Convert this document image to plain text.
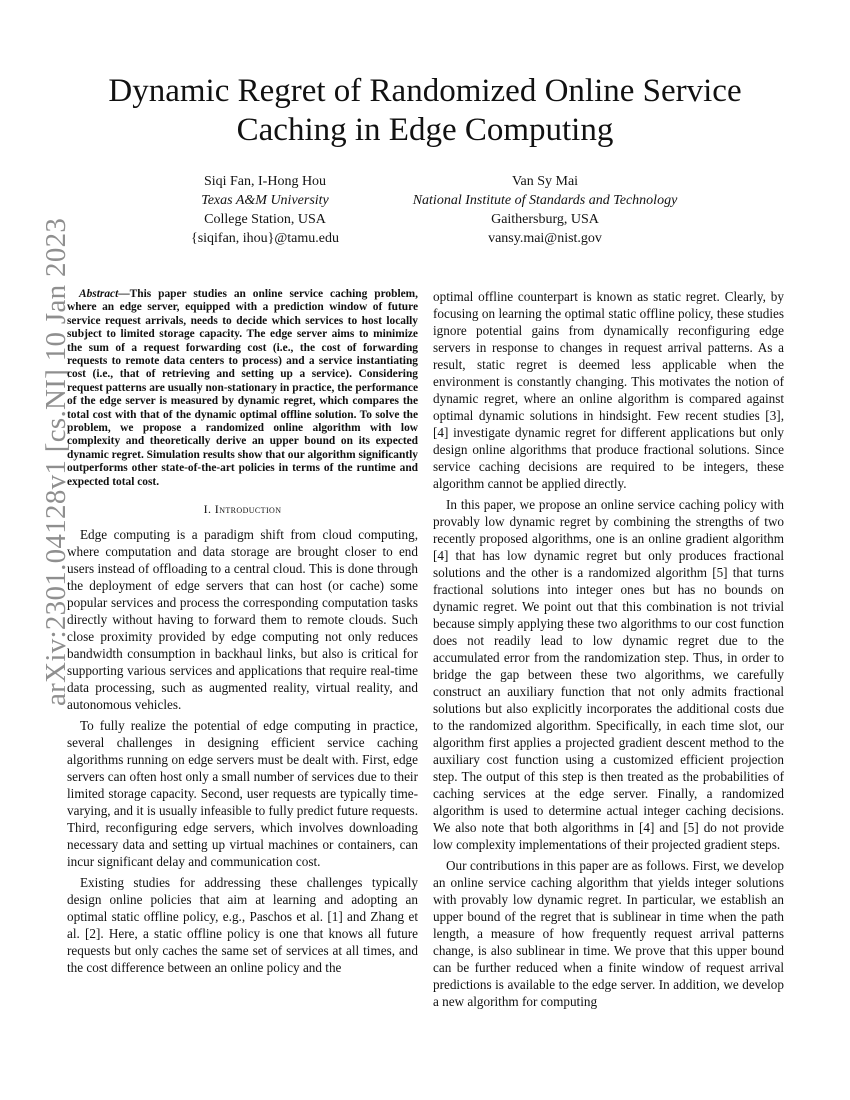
arXiv:2301.04128v1 [cs.NI] 10 Jan 2023
Dynamic Regret of Randomized Online Service Caching in Edge Computing
Siqi Fan, I-Hong Hou
Texas A&M University
College Station, USA
{siqifan, ihou}@tamu.edu
Van Sy Mai
National Institute of Standards and Technology
Gaithersburg, USA
vansy.mai@nist.gov

Abstract—This paper studies an online service caching problem, where an edge server, equipped with a prediction window of future service request arrivals, needs to decide which services to host locally subject to limited storage capacity. The edge server aims to minimize the sum of a request forwarding cost (i.e., the cost of forwarding requests to remote data centers to process) and a service instantiating cost (i.e., that of retrieving and setting up a service). Considering request patterns are usually non-stationary in practice, the performance of the edge server is measured by dynamic regret, which compares the total cost with that of the dynamic optimal offline solution. To solve the problem, we propose a randomized online algorithm with low complexity and theoretically derive an upper bound on its expected dynamic regret. Simulation results show that our algorithm significantly outperforms other state-of-the-art policies in terms of the runtime and expected total cost.

I. Introduction

Edge computing is a paradigm shift from cloud computing, where computation and data storage are brought closer to end users instead of offloading to a central cloud. This is done through the deployment of edge servers that can host (or cache) some popular services and process the corresponding computation tasks directly without having to forward them to remote clouds. Such close proximity provided by edge computing not only reduces bandwidth consumption in backhaul links, but also is critical for supporting various services and applications that require real-time data processing, such as augmented reality, virtual reality, and autonomous vehicles.

To fully realize the potential of edge computing in practice, several challenges in designing efficient service caching algorithms running on edge servers must be dealt with. First, edge servers can often host only a small number of services due to their limited storage capacity. Second, user requests are typically time-varying, and it is usually infeasible to fully predict future requests. Third, reconfiguring edge servers, which involves downloading necessary data and setting up virtual machines or containers, can incur significant delay and communication cost.

Existing studies for addressing these challenges typically design online policies that aim at learning and adopting an optimal static offline policy, e.g., Paschos et al. [1] and Zhang et al. [2]. Here, a static offline policy is one that knows all future requests but only caches the same set of services at all times, and the cost difference between an online policy and the

optimal offline counterpart is known as static regret. Clearly, by focusing on learning the optimal static offline policy, these studies ignore potential gains from dynamically reconfiguring edge servers in response to changes in request arrival patterns. As a result, static regret is deemed less applicable when the environment is constantly changing. This motivates the notion of dynamic regret, where an online algorithm is compared against optimal dynamic solutions in hindsight. Few recent studies [3], [4] investigate dynamic regret for different applications but only design online algorithms that produce fractional solutions. Since service caching decisions are required to be integers, these algorithm cannot be applied directly.

In this paper, we propose an online service caching policy with provably low dynamic regret by combining the strengths of two recently proposed algorithms, one is an online gradient algorithm [4] that has low dynamic regret but only produces fractional solutions and the other is a randomized algorithm [5] that turns fractional solutions into integer ones but has no bounds on dynamic regret. We point out that this combination is not trivial because simply applying these two algorithms to our cost function does not readily lead to low dynamic regret due to the accumulated error from the randomization step. Thus, in order to bridge the gap between these two algorithms, we carefully construct an auxiliary function that not only admits fractional solutions but also explicitly incorporates the additional costs due to the randomized algorithm. Specifically, in each time slot, our algorithm first applies a projected gradient descent method to the auxiliary cost function using a customized efficient projection step. The output of this step is then treated as the probabilities of caching services at the edge server. Finally, a randomized algorithm is used to determine actual integer caching decisions. We also note that both algorithms in [4] and [5] do not provide low complexity implementations of their projected gradient steps.

Our contributions in this paper are as follows. First, we develop an online service caching algorithm that yields integer solutions with provably low dynamic regret. In particular, we establish an upper bound of the regret that is sublinear in time when the path length, a measure of how frequently request arrival patterns change, is also sublinear in time. We prove that this upper bound can be further reduced when a finite window of request arrival predictions is available to the edge server. In addition, we develop a new algorithm for computing
